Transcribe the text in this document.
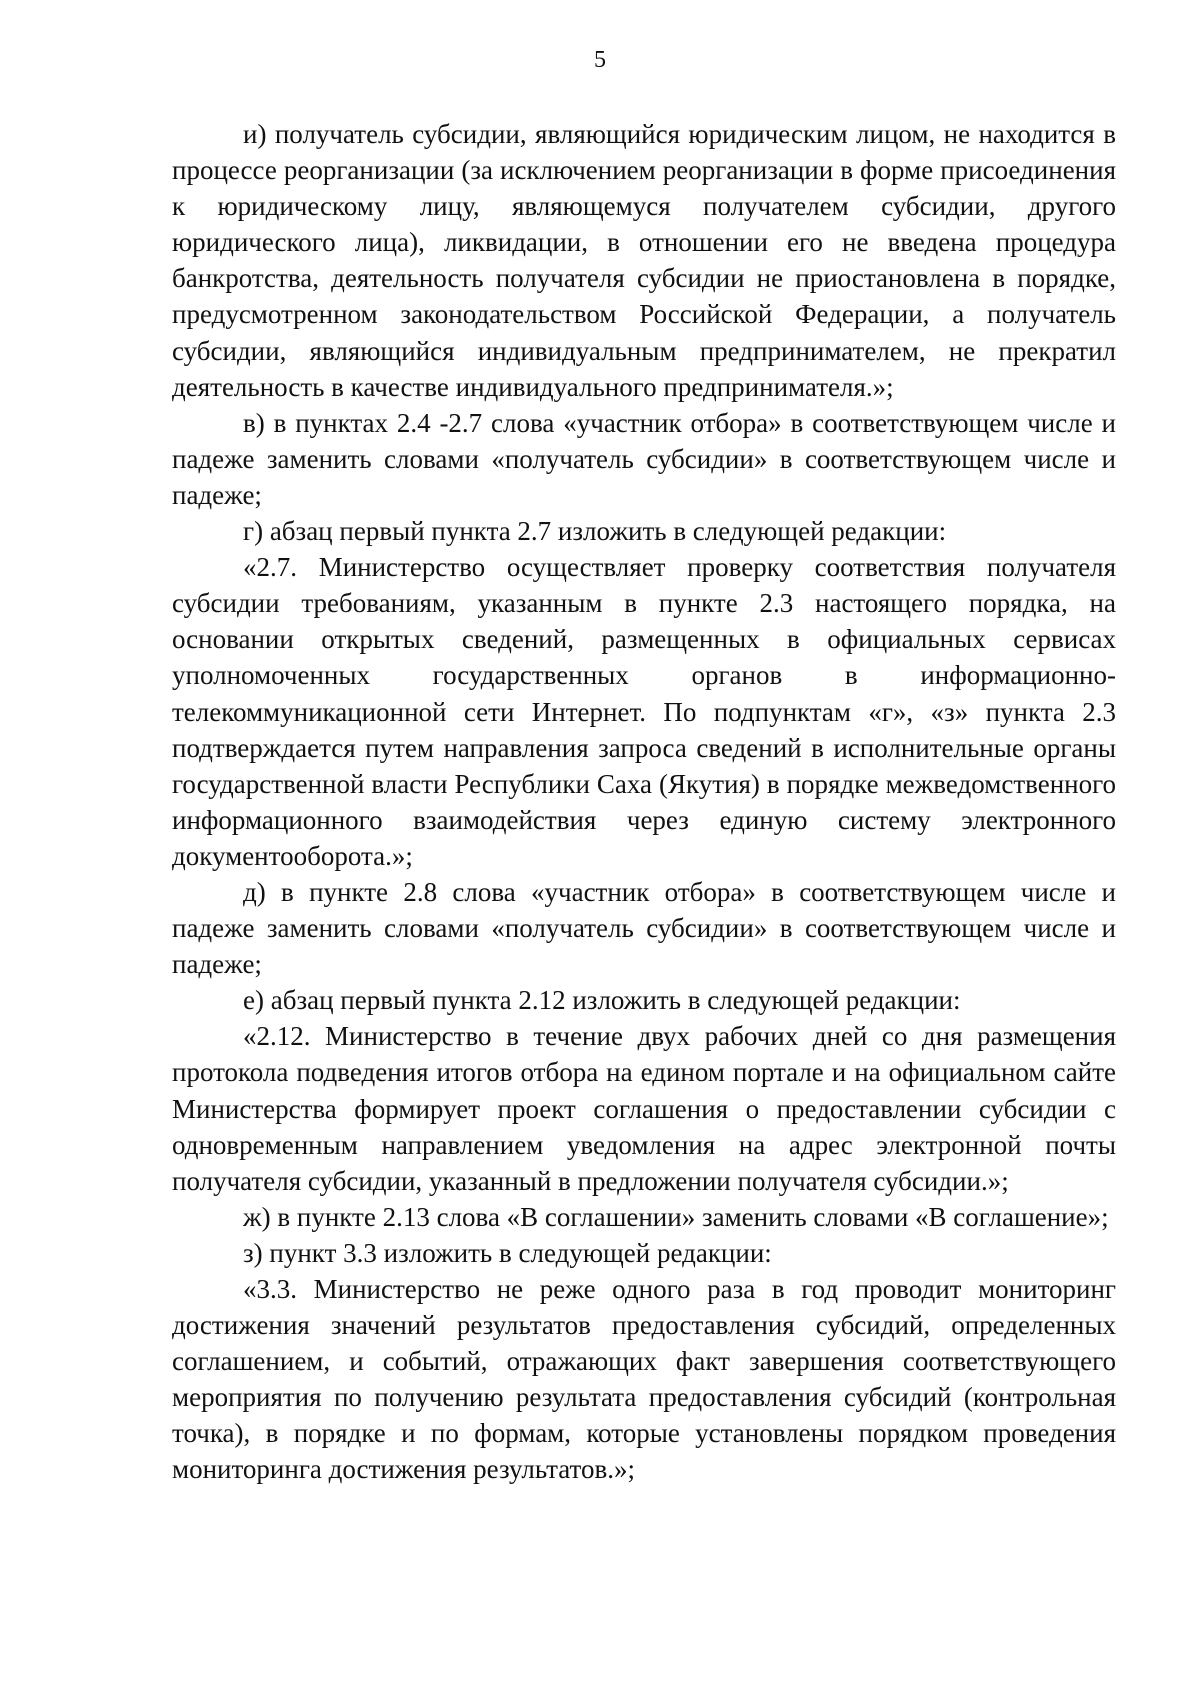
5

и) получатель субсидии, являющийся юридическим лицом, не находится в процессе реорганизации (за исключением реорганизации в форме присоединения к юридическому лицу, являющемуся получателем субсидии, другого юридического лица), ликвидации, в отношении его не введена процедура банкротства, деятельность получателя субсидии не приостановлена в порядке, предусмотренном законодательством Российской Федерации, а получатель субсидии, являющийся индивидуальным предпринимателем, не прекратил деятельность в качестве индивидуального предпринимателя.»;

в) в пунктах 2.4 -2.7 слова «участник отбора» в соответствующем числе и падеже заменить словами «получатель субсидии» в соответствующем числе и падеже;

г) абзац первый пункта 2.7 изложить в следующей редакции:

«2.7. Министерство осуществляет проверку соответствия получателя субсидии требованиям, указанным в пункте 2.3 настоящего порядка, на основании открытых сведений, размещенных в официальных сервисах уполномоченных государственных органов в информационно-телекоммуникационной сети Интернет. По подпунктам «г», «з» пункта 2.3 подтверждается путем направления запроса сведений в исполнительные органы государственной власти Республики Саха (Якутия) в порядке межведомственного информационного взаимодействия через единую систему электронного документооборота.»;

д) в пункте 2.8 слова «участник отбора» в соответствующем числе и падеже заменить словами «получатель субсидии» в соответствующем числе и падеже;

е) абзац первый пункта 2.12 изложить в следующей редакции:

«2.12. Министерство в течение двух рабочих дней со дня размещения протокола подведения итогов отбора на едином портале и на официальном сайте Министерства формирует проект соглашения о предоставлении субсидии с одновременным направлением уведомления на адрес электронной почты получателя субсидии, указанный в предложении получателя субсидии.»;

ж) в пункте 2.13 слова «В соглашении» заменить словами «В соглашение»;

з) пункт 3.3 изложить в следующей редакции:

«3.3. Министерство не реже одного раза в год проводит мониторинг достижения значений результатов предоставления субсидий, определенных соглашением, и событий, отражающих факт завершения соответствующего мероприятия по получению результата предоставления субсидий (контрольная точка), в порядке и по формам, которые установлены порядком проведения мониторинга достижения результатов.»;
